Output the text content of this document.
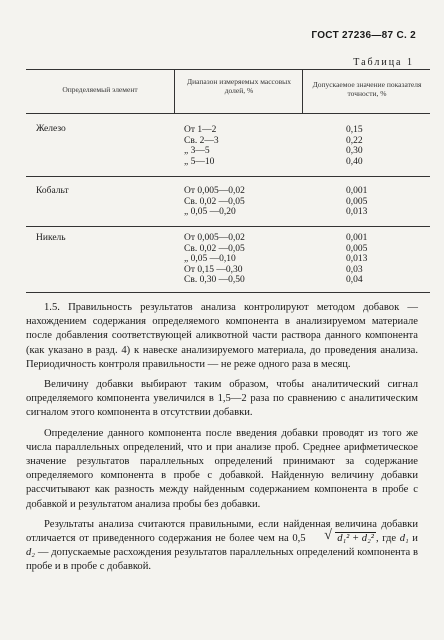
ГОСТ 27236—87 С. 2
Таблица 1
Определяемый элемент
Диапазон измеряемых массовых долей, %
Допускаемое значение показателя точности, %
Железо	От 1—2
Св. 2—3
„ 3—5
„ 5—10
0,15
0,22
0,30
0,40
Кобальт	От 0,005—0,02
Св. 0,02 —0,05
„ 0,05 —0,20
0,001
0,005
0,013
Никель	От 0,005—0,02
Св. 0,02 —0,05
„ 0,05 —0,10
От 0,15 —0,30
Св. 0,30 —0,50
0,001
0,005
0,013
0,03
0,04

1.5. Правильность результатов анализа контролируют методом добавок — нахождением содержания определяемого компонента в анализируемом материале после добавления соответствующей аликвотной части раствора данного компонента (как указано в разд. 4) к навеске анализируемого материала, до проведения анализа. Периодичность контроля правильности — не реже одного раза в месяц.

Величину добавки выбирают таким образом, чтобы аналитический сигнал определяемого компонента увеличился в 1,5—2 раза по сравнению с аналитическим сигналом этого компонента в отсутствии добавки.

Определение данного компонента после введения добавки проводят из того же числа параллельных определений, что и при анализе проб. Среднее арифметическое значение результатов параллельных определений принимают за содержание определяемого компонента в пробе с добавкой. Найденную величину добавки рассчитывают как разность между найденным содержанием компонента в пробе с добавкой и результатом анализа пробы без добавки.

Результаты анализа считаются правильными, если найденная величина добавки отличается от приведенного содержания не более чем на 0,5 √	d₁² + d₂² , где d₁ и d₂ — допускаемые расхождения результатов параллельных определений компонента в пробе и в пробе с добавкой.
